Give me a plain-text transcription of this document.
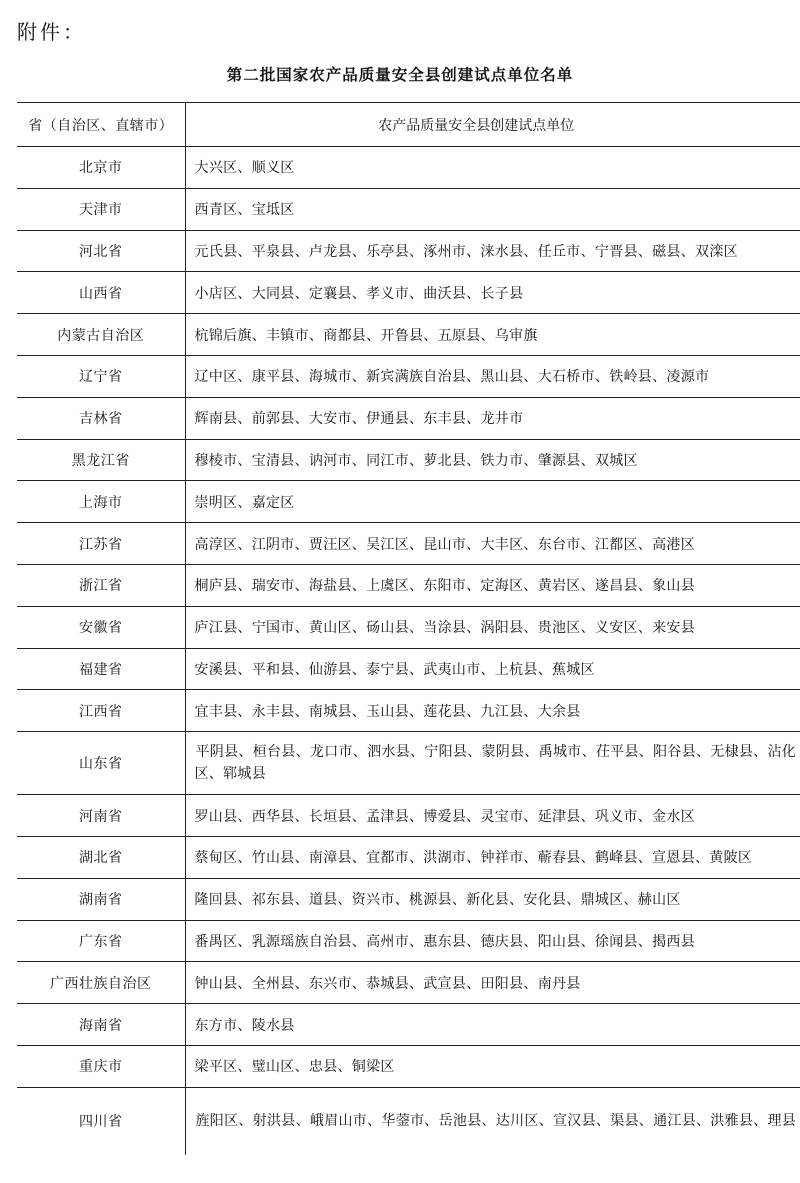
附件：
第二批国家农产品质量安全县创建试点单位名单
省（自治区、直辖市）	农产品质量安全县创建试点单位
北京市	大兴区、顺义区
天津市	西青区、宝坻区
河北省	元氏县、平泉县、卢龙县、乐亭县、涿州市、涞水县、任丘市、宁晋县、磁县、双滦区
山西省	小店区、大同县、定襄县、孝义市、曲沃县、长子县
内蒙古自治区	杭锦后旗、丰镇市、商都县、开鲁县、五原县、乌审旗
辽宁省	辽中区、康平县、海城市、新宾满族自治县、黑山县、大石桥市、铁岭县、凌源市
吉林省	辉南县、前郭县、大安市、伊通县、东丰县、龙井市
黑龙江省	穆棱市、宝清县、讷河市、同江市、萝北县、铁力市、肇源县、双城区
上海市	崇明区、嘉定区
江苏省	高淳区、江阴市、贾汪区、吴江区、昆山市、大丰区、东台市、江都区、高港区
浙江省	桐庐县、瑞安市、海盐县、上虞区、东阳市、定海区、黄岩区、遂昌县、象山县
安徽省	庐江县、宁国市、黄山区、砀山县、当涂县、涡阳县、贵池区、义安区、来安县
福建省	安溪县、平和县、仙游县、泰宁县、武夷山市、上杭县、蕉城区
江西省	宜丰县、永丰县、南城县、玉山县、莲花县、九江县、大余县
山东省	平阴县、桓台县、龙口市、泗水县、宁阳县、蒙阴县、禹城市、茌平县、阳谷县、无棣县、沾化区、郓城县
河南省	罗山县、西华县、长垣县、孟津县、博爱县、灵宝市、延津县、巩义市、金水区
湖北省	蔡甸区、竹山县、南漳县、宜都市、洪湖市、钟祥市、蕲春县、鹤峰县、宣恩县、黄陂区
湖南省	隆回县、祁东县、道县、资兴市、桃源县、新化县、安化县、鼎城区、赫山区
广东省	番禺区、乳源瑶族自治县、高州市、惠东县、德庆县、阳山县、徐闻县、揭西县
广西壮族自治区	钟山县、全州县、东兴市、恭城县、武宣县、田阳县、南丹县
海南省	东方市、陵水县
重庆市	梁平区、璧山区、忠县、铜梁区
四川省	旌阳区、射洪县、峨眉山市、华蓥市、岳池县、达川区、宣汉县、渠县、通江县、洪雅县、理县
